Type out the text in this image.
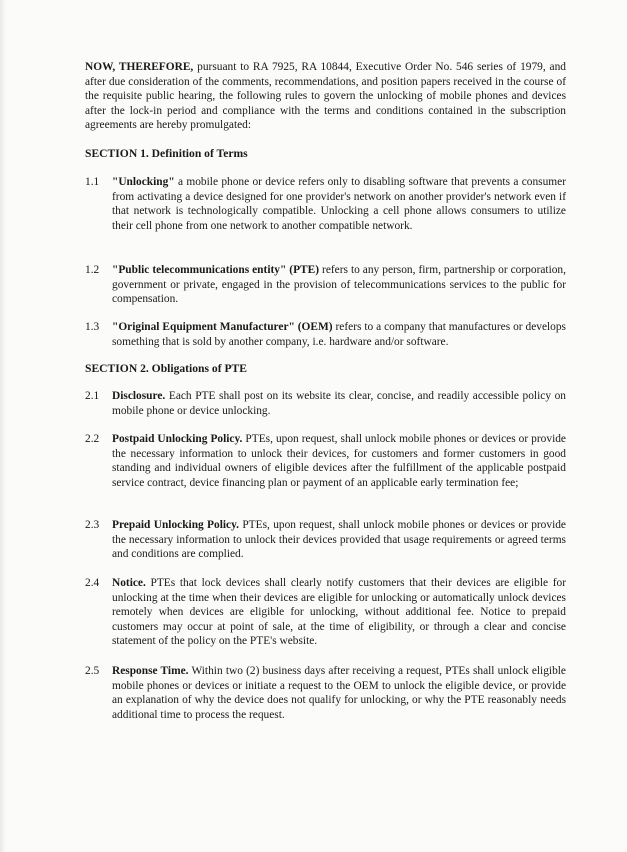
NOW, THEREFORE, pursuant to RA 7925, RA 10844, Executive Order No. 546 series of 1979, and after due consideration of the comments, recommendations, and position papers received in the course of the requisite public hearing, the following rules to govern the unlocking of mobile phones and devices after the lock-in period and compliance with the terms and conditions contained in the subscription agreements are hereby promulgated:

SECTION 1. Definition of Terms

1.1 "Unlocking" a mobile phone or device refers only to disabling software that prevents a consumer from activating a device designed for one provider's network on another provider's network even if that network is technologically compatible. Unlocking a cell phone allows consumers to utilize their cell phone from one network to another compatible network.

1.2 "Public telecommunications entity" (PTE) refers to any person, firm, partnership or corporation, government or private, engaged in the provision of telecommunications services to the public for compensation.

1.3 "Original Equipment Manufacturer" (OEM) refers to a company that manufactures or develops something that is sold by another company, i.e. hardware and/or software.

SECTION 2. Obligations of PTE

2.1 Disclosure. Each PTE shall post on its website its clear, concise, and readily accessible policy on mobile phone or device unlocking.

2.2 Postpaid Unlocking Policy. PTEs, upon request, shall unlock mobile phones or devices or provide the necessary information to unlock their devices, for customers and former customers in good standing and individual owners of eligible devices after the fulfillment of the applicable postpaid service contract, device financing plan or payment of an applicable early termination fee;

2.3 Prepaid Unlocking Policy. PTEs, upon request, shall unlock mobile phones or devices or provide the necessary information to unlock their devices provided that usage requirements or agreed terms and conditions are complied.

2.4 Notice. PTEs that lock devices shall clearly notify customers that their devices are eligible for unlocking at the time when their devices are eligible for unlocking or automatically unlock devices remotely when devices are eligible for unlocking, without additional fee. Notice to prepaid customers may occur at point of sale, at the time of eligibility, or through a clear and concise statement of the policy on the PTE's website.

2.5 Response Time. Within two (2) business days after receiving a request, PTEs shall unlock eligible mobile phones or devices or initiate a request to the OEM to unlock the eligible device, or provide an explanation of why the device does not qualify for unlocking, or why the PTE reasonably needs additional time to process the request.
